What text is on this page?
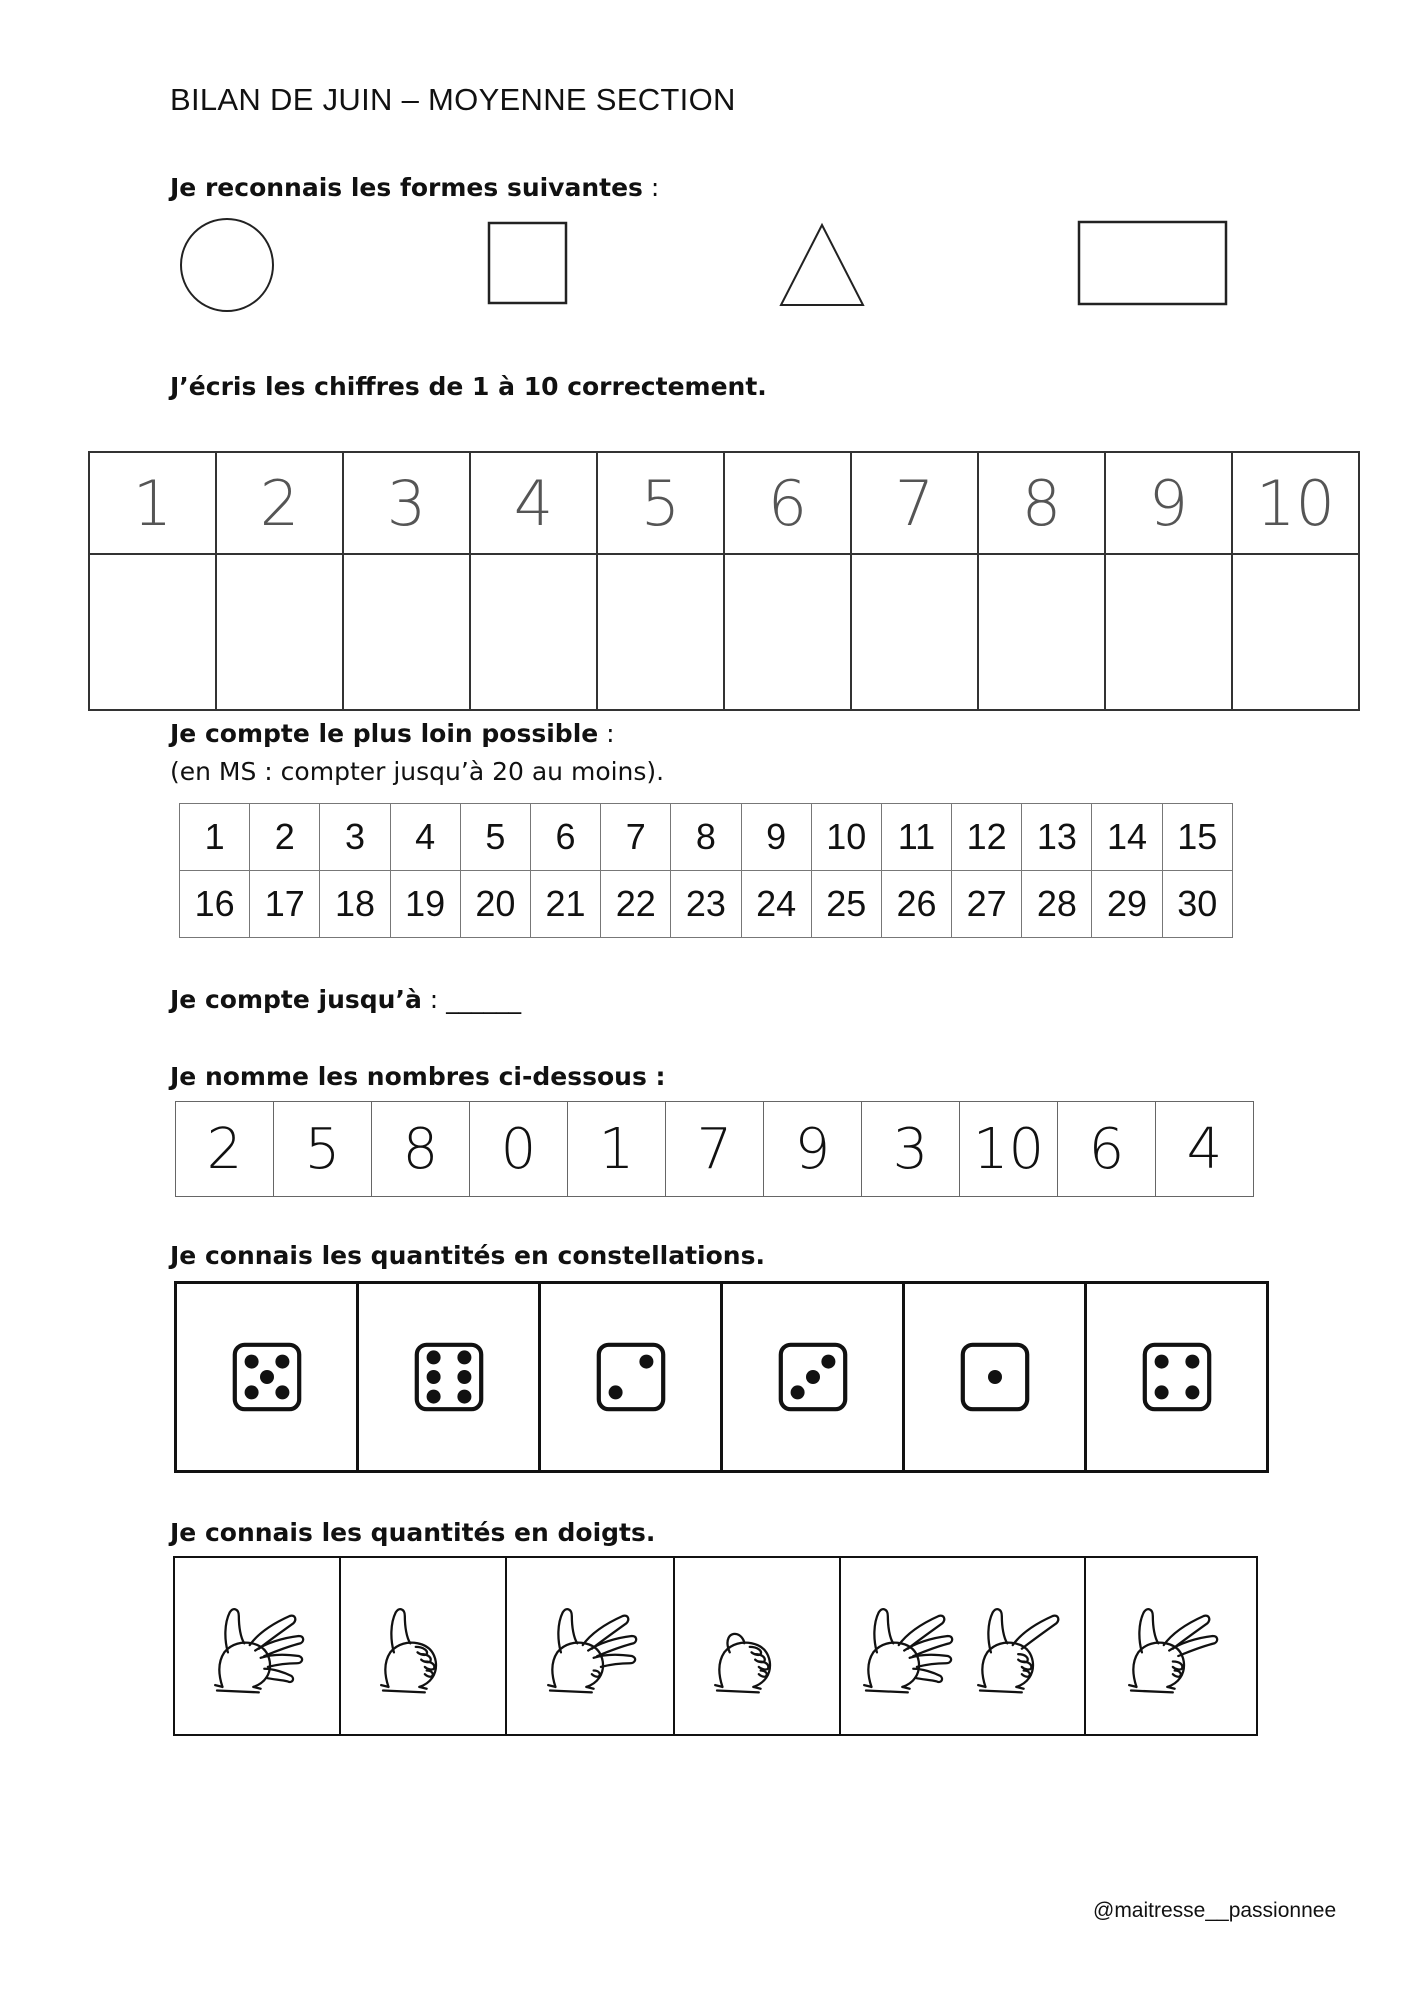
BILAN DE JUIN – MOYENNE SECTION
Je reconnais les formes suivantes :
J’écris les chiffres de 1 à 10 correctement.
1	2	3	4	5	6	7	8	9	10

Je compte le plus loin possible :
(en MS : compter jusqu’à 20 au moins).
1	2	3	4	5	6	7	8	9	10	11	12	13	14	15
16	17	18	19	20	21	22	23	24	25	26	27	28	29	30
Je compte jusqu’à : ______
Je nomme les nombres ci-dessous :
2	5	8	0	1	7	9	3	10	6	4
Je connais les quantités en constellations.

Je connais les quantités en doigts.

@maitresse__passionnee
